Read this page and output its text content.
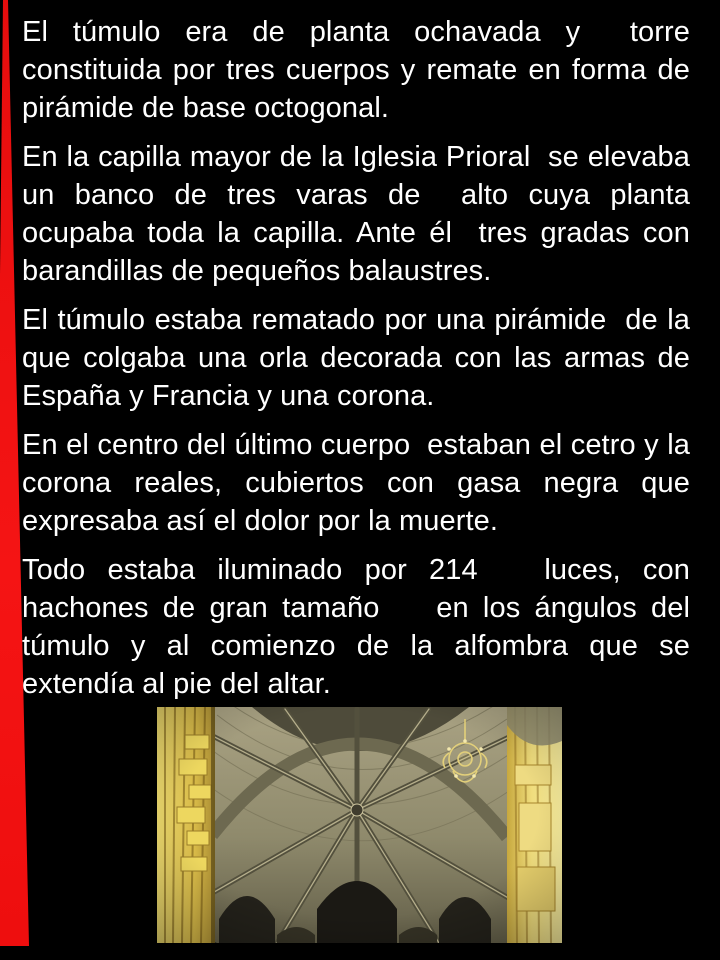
El túmulo era de planta ochavada y  torre constituida por tres cuerpos y remate en forma de pirámide de base octogonal.

En la capilla mayor de la Iglesia Prioral  se elevaba un banco de tres varas de  alto cuya planta ocupaba toda la capilla. Ante él  tres gradas con barandillas de pequeños balaustres.

El túmulo estaba rematado por una pirámide  de la que colgaba una orla decorada con las armas de España y Francia y una corona.

En el centro del último cuerpo  estaban el cetro y la corona reales, cubiertos con gasa negra que expresaba así el dolor por la muerte.

Todo estaba iluminado por 214   luces, con hachones de gran tamaño    en los ángulos del túmulo y al comienzo de la alfombra que se extendía al pie del altar.
